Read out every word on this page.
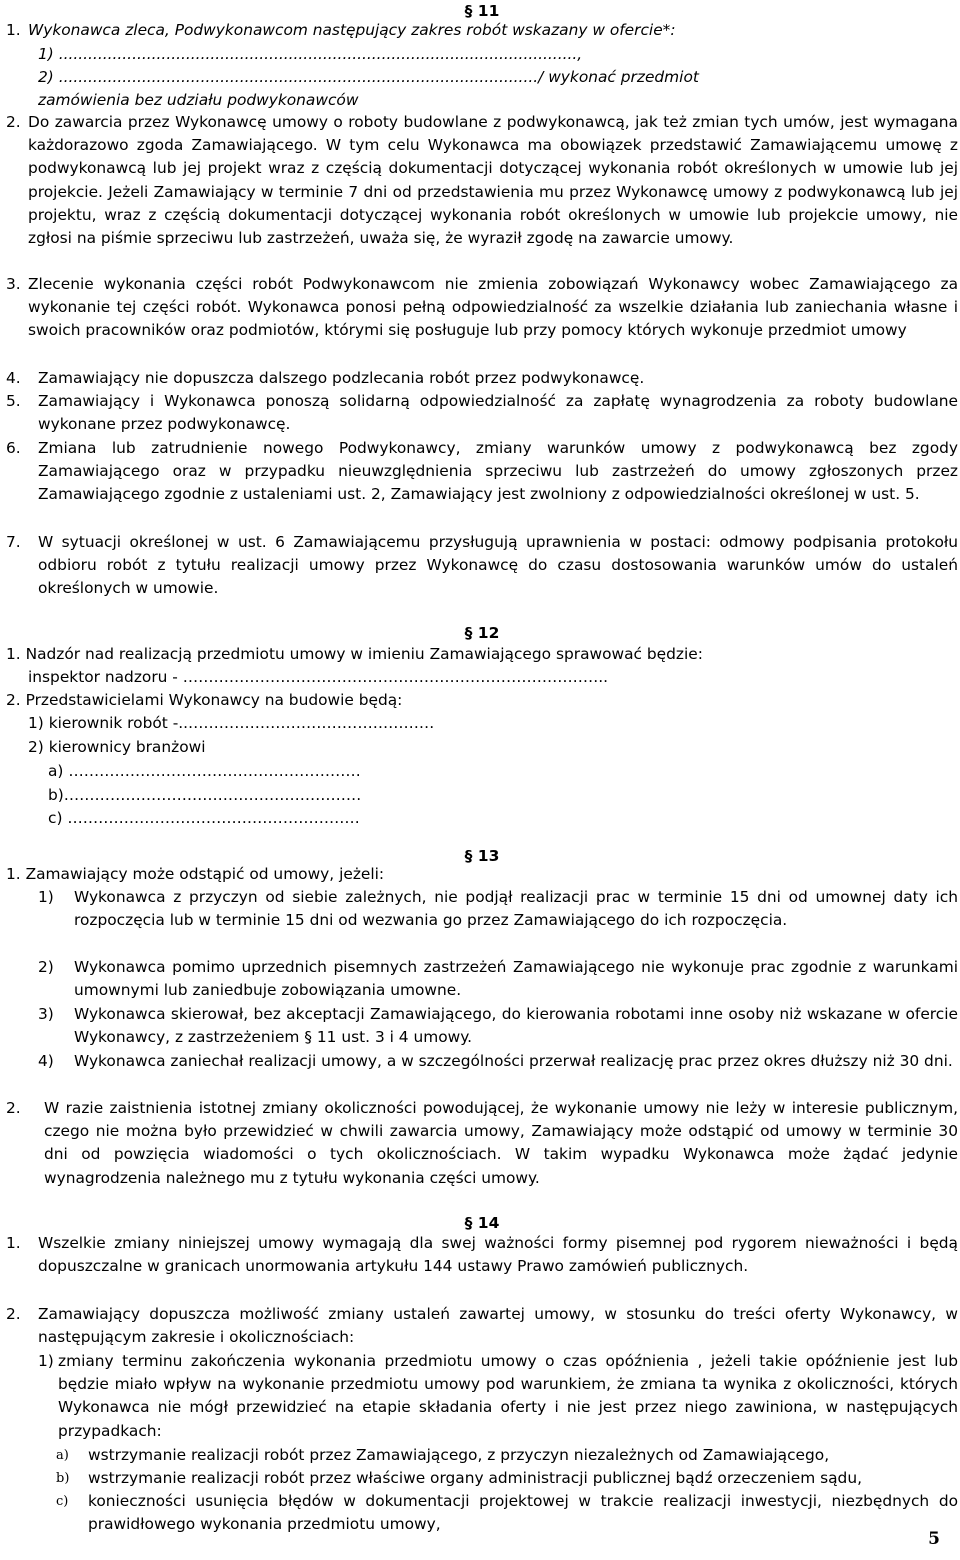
§ 11
1. Wykonawca zleca, Podwykonawcom następujący zakres robót wskazany w ofercie*:
1) ..........................................................................................................,
2) ................................................................................................../ wykonać przedmiot
zamówienia bez udziału podwykonawców
2. Do zawarcia przez Wykonawcę umowy o roboty budowlane z podwykonawcą, jak też zmian tych umów, jest wymagana każdorazowo zgoda Zamawiającego. W tym celu Wykonawca ma obowiązek przedstawić Zamawiającemu umowę z podwykonawcą lub jej projekt wraz z częścią dokumentacji dotyczącej wykonania robót określonych w umowie lub jej projekcie. Jeżeli Zamawiający w terminie 7 dni od przedstawienia mu przez Wykonawcę umowy z podwykonawcą lub jej projektu, wraz z częścią dokumentacji dotyczącej wykonania robót określonych w umowie lub projekcie umowy, nie zgłosi na piśmie sprzeciwu lub zastrzeżeń, uważa się, że wyraził zgodę na zawarcie umowy.
3. Zlecenie wykonania części robót Podwykonawcom nie zmienia zobowiązań Wykonawcy wobec Zamawiającego za wykonanie tej części robót. Wykonawca ponosi pełną odpowiedzialność za wszelkie działania lub zaniechania własne i swoich pracowników oraz podmiotów, którymi się posługuje lub przy pomocy których wykonuje przedmiot umowy
4.	Zamawiający nie dopuszcza dalszego podzlecania robót przez podwykonawcę.
5.	Zamawiający i Wykonawca ponoszą solidarną odpowiedzialność za zapłatę wynagrodzenia za roboty budowlane wykonane przez podwykonawcę.
6.	Zmiana lub zatrudnienie nowego Podwykonawcy, zmiany warunków umowy z podwykonawcą bez zgody Zamawiającego oraz w przypadku nieuwzględnienia sprzeciwu lub zastrzeżeń do umowy zgłoszonych przez Zamawiającego zgodnie z ustaleniami ust. 2, Zamawiający jest zwolniony z odpowiedzialności określonej w ust. 5.
7.	W sytuacji określonej w ust. 6 Zamawiającemu przysługują uprawnienia w postaci: odmowy podpisania protokołu odbioru robót z tytułu realizacji umowy przez Wykonawcę do czasu dostosowania warunków umów do ustaleń określonych w umowie.
§ 12
1. Nadzór nad realizacją przedmiotu umowy w imieniu Zamawiającego sprawować będzie:
inspektor nadzoru - ………………………………………………………………………..
2. Przedstawicielami Wykonawcy na budowie będą:
1) kierownik robót -..…………………………………………
2) kierownicy branżowi
a) …………………………………………………
b)………………………………………………….
c) …………………………………………………
§ 13
1. Zamawiający może odstąpić od umowy, jeżeli:
1)	Wykonawca z przyczyn od siebie zależnych, nie podjął realizacji prac w terminie 15 dni od umownej daty ich rozpoczęcia lub w terminie 15 dni od wezwania go przez Zamawiającego do ich rozpoczęcia.
2)	Wykonawca pomimo uprzednich pisemnych zastrzeżeń Zamawiającego nie wykonuje prac zgodnie z warunkami umownymi lub zaniedbuje zobowiązania umowne.
3)	Wykonawca skierował, bez akceptacji Zamawiającego, do kierowania robotami inne osoby niż wskazane w ofercie Wykonawcy, z zastrzeżeniem § 11 ust. 3 i 4 umowy.
4)	Wykonawca zaniechał realizacji umowy, a w szczególności przerwał realizację prac przez okres dłuższy niż 30 dni.
2.	W razie zaistnienia istotnej zmiany okoliczności powodującej, że wykonanie umowy nie leży w interesie publicznym, czego nie można było przewidzieć w chwili zawarcia umowy, Zamawiający może odstąpić od umowy w terminie 30 dni od powzięcia wiadomości o tych okolicznościach. W takim wypadku Wykonawca może żądać jedynie wynagrodzenia należnego mu z tytułu wykonania części umowy.
§ 14
1.	Wszelkie zmiany niniejszej umowy wymagają dla swej ważności formy pisemnej pod rygorem nieważności i będą dopuszczalne w granicach unormowania artykułu 144 ustawy Prawo zamówień publicznych.
2.	Zamawiający dopuszcza możliwość zmiany ustaleń zawartej umowy, w stosunku do treści oferty Wykonawcy, w następującym zakresie i okolicznościach:
1) zmiany terminu zakończenia wykonania przedmiotu umowy o czas opóźnienia , jeżeli takie opóźnienie jest lub będzie miało wpływ na wykonanie przedmiotu umowy pod warunkiem, że zmiana ta wynika z okoliczności, których Wykonawca nie mógł przewidzieć na etapie składania oferty i nie jest przez niego zawiniona, w następujących przypadkach:
a)	wstrzymanie realizacji robót przez Zamawiającego, z przyczyn niezależnych od Zamawiającego,
b)	wstrzymanie realizacji robót przez właściwe organy administracji publicznej bądź orzeczeniem sądu,
c)	konieczności usunięcia błędów w dokumentacji projektowej w trakcie realizacji inwestycji, niezbędnych do prawidłowego wykonania przedmiotu umowy,
5
